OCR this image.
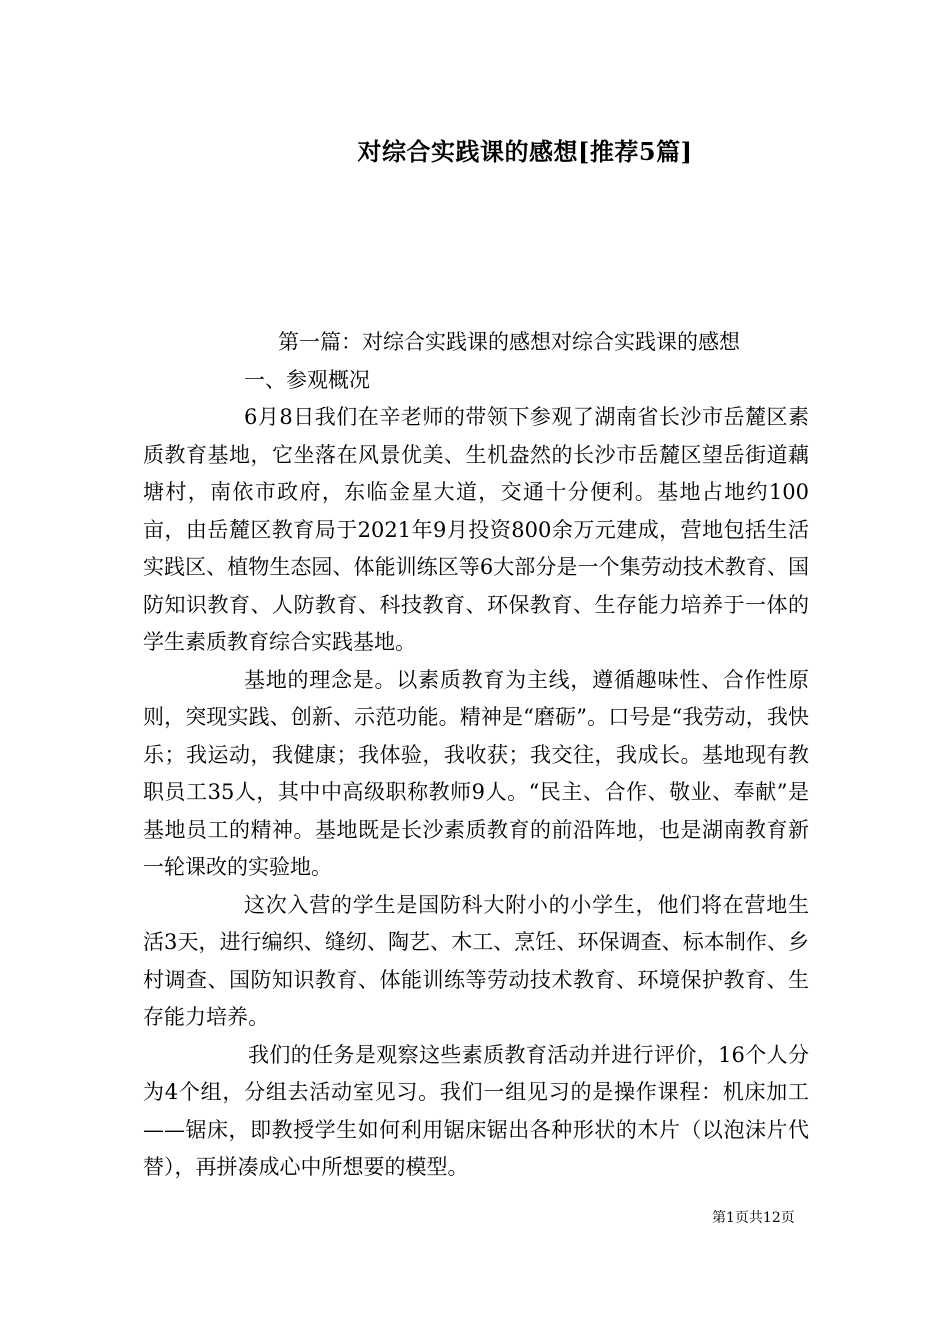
对综合实践课的感想[推荐5篇]

第一篇：对综合实践课的感想对综合实践课的感想

一、参观概况

6月8日我们在辛老师的带领下参观了湖南省长沙市岳麓区素质教育基地，它坐落在风景优美、生机盎然的长沙市岳麓区望岳街道藕塘村，南依市政府，东临金星大道，交通十分便利。基地占地约100亩，由岳麓区教育局于2021年9月投资800余万元建成，营地包括生活实践区、植物生态园、体能训练区等6大部分是一个集劳动技术教育、国防知识教育、人防教育、科技教育、环保教育、生存能力培养于一体的学生素质教育综合实践基地。

基地的理念是。以素质教育为主线，遵循趣味性、合作性原则，突现实践、创新、示范功能。精神是“磨砺”。口号是“我劳动，我快乐；我运动，我健康；我体验，我收获；我交往，我成长。基地现有教职员工35人，其中中高级职称教师9人。“民主、合作、敬业、奉献”是基地员工的精神。基地既是长沙素质教育的前沿阵地，也是湖南教育新一轮课改的实验地。

这次入营的学生是国防科大附小的小学生，他们将在营地生活3天，进行编织、缝纫、陶艺、木工、烹饪、环保调查、标本制作、乡村调查、国防知识教育、体能训练等劳动技术教育、环境保护教育、生存能力培养。

我们的任务是观察这些素质教育活动并进行评价，16个人分为4个组，分组去活动室见习。我们一组见习的是操作课程：机床加工——锯床，即教授学生如何利用锯床锯出各种形状的木片（以泡沫片代替），再拼凑成心中所想要的模型。

第1页共12页
